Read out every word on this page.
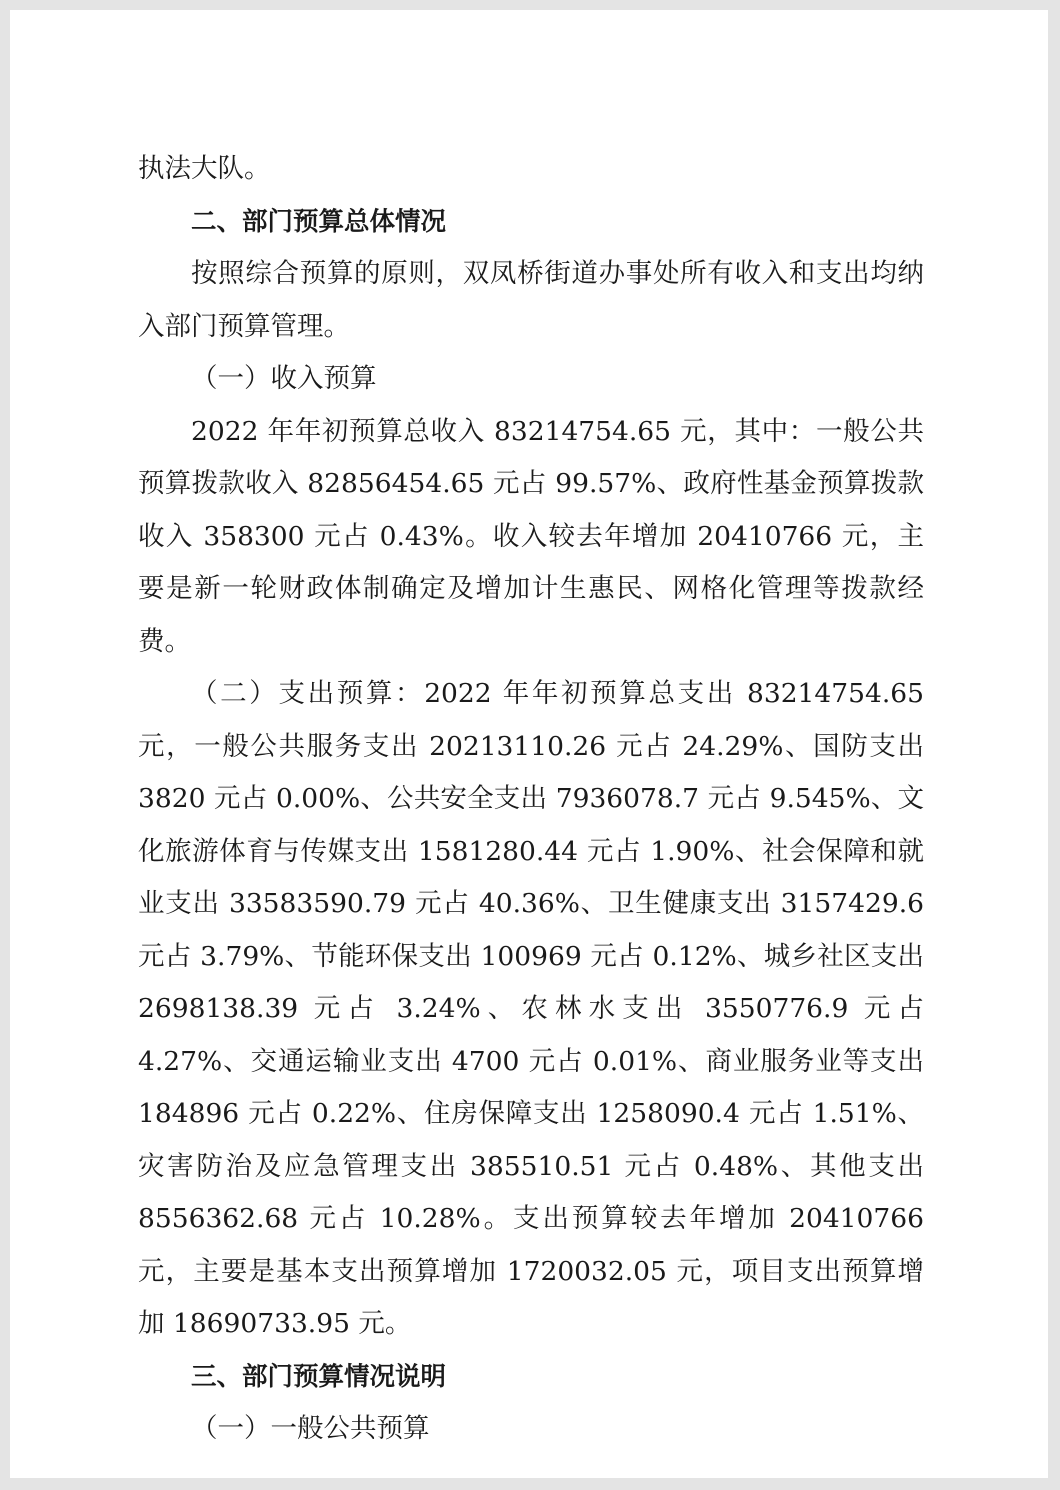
执法大队。

二、部门预算总体情况

按照综合预算的原则，双凤桥街道办事处所有收入和支出均纳入部门预算管理。

（一）收入预算

2022 年年初预算总收入 83214754.65 元，其中：一般公共预算拨款收入 82856454.65 元占 99.57%、政府性基金预算拨款收入 358300 元占 0.43%。收入较去年增加 20410766 元，主要是新一轮财政体制确定及增加计生惠民、网格化管理等拨款经费。

（二）支出预算：2022 年年初预算总支出 83214754.65 元，一般公共服务支出 20213110.26 元占 24.29%、国防支出 3820 元占 0.00%、公共安全支出 7936078.7 元占 9.545%、文化旅游体育与传媒支出 1581280.44 元占 1.90%、社会保障和就业支出 33583590.79 元占 40.36%、卫生健康支出 3157429.6 元占 3.79%、节能环保支出 100969 元占 0.12%、城乡社区支出 2698138.39 元占 3.24%、农林水支出 3550776.9 元占 4.27%、交通运输业支出 4700 元占 0.01%、商业服务业等支出 184896 元占 0.22%、住房保障支出 1258090.4 元占 1.51%、灾害防治及应急管理支出 385510.51 元占 0.48%、其他支出 8556362.68 元占 10.28%。支出预算较去年增加 20410766 元，主要是基本支出预算增加 1720032.05 元，项目支出预算增加 18690733.95 元。

三、部门预算情况说明

（一）一般公共预算
